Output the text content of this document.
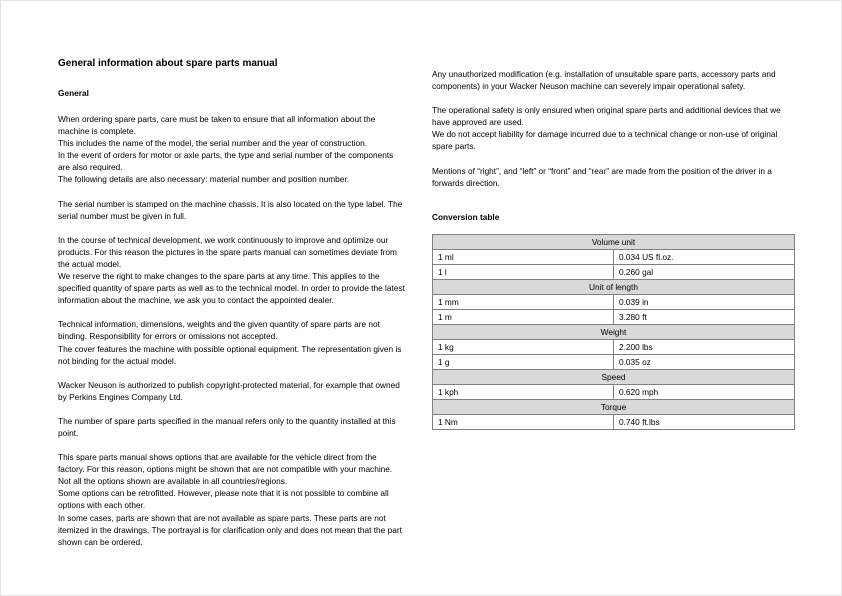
General information about spare parts manual
General
When ordering spare parts, care must be taken to ensure that all information about the machine is complete.
This includes the name of the model, the serial number and the year of construction.
In the event of orders for motor or axle parts, the type and serial number of the components are also required.
The following details are also necessary: material number and position number.
The serial number is stamped on the machine chassis. It is also located on the type label. The serial number must be given in full.
In the course of technical development, we work continuously to improve and optimize our products. For this reason the pictures in the spare parts manual can sometimes deviate from the actual model.
We reserve the right to make changes to the spare parts at any time. This applies to the specified quantity of spare parts as well as to the technical model. In order to provide the latest information about the machine, we ask you to contact the appointed dealer.
Technical information, dimensions, weights and the given quantity of spare parts are not binding. Responsibility for errors or omissions not accepted.
The cover features the machine with possible optional equipment. The representation given is not binding for the actual model.
Wacker Neuson is authorized to publish copyright-protected material, for example that owned by Perkins Engines Company Ltd.
The number of spare parts specified in the manual refers only to the quantity installed at this point.
This spare parts manual shows options that are available for the vehicle direct from the factory. For this reason, options might be shown that are not compatible with your machine. Not all the options shown are available in all countries/regions.
Some options can be retrofitted. However, please note that it is not possible to combine all options with each other.
In some cases, parts are shown that are not available as spare parts. These parts are not itemized in the drawings. The portrayal is for clarification only and does not mean that the part shown can be ordered.
Any unauthorized modification (e.g. installation of unsuitable spare parts, accessory parts and components) in your Wacker Neuson machine can severely impair operational safety.
The operational safety is only ensured when original spare parts and additional devices that we have approved are used.
We do not accept liability for damage incurred due to a technical change or non-use of original spare parts.
Mentions of “right”, and “left” or “front” and “rear” are made from the position of the driver in a forwards direction.
Conversion table
Volume unit	
1 ml	0.034 US fl.oz.
1 l	0.260 gal
Unit of length	
1 mm	0.039 in
1 m	3.280 ft
Weight	
1 kg	2.200 lbs
1 g	0.035 oz
Speed	
1 kph	0.620 mph
Torque	
1 Nm	0.740 ft.lbs
